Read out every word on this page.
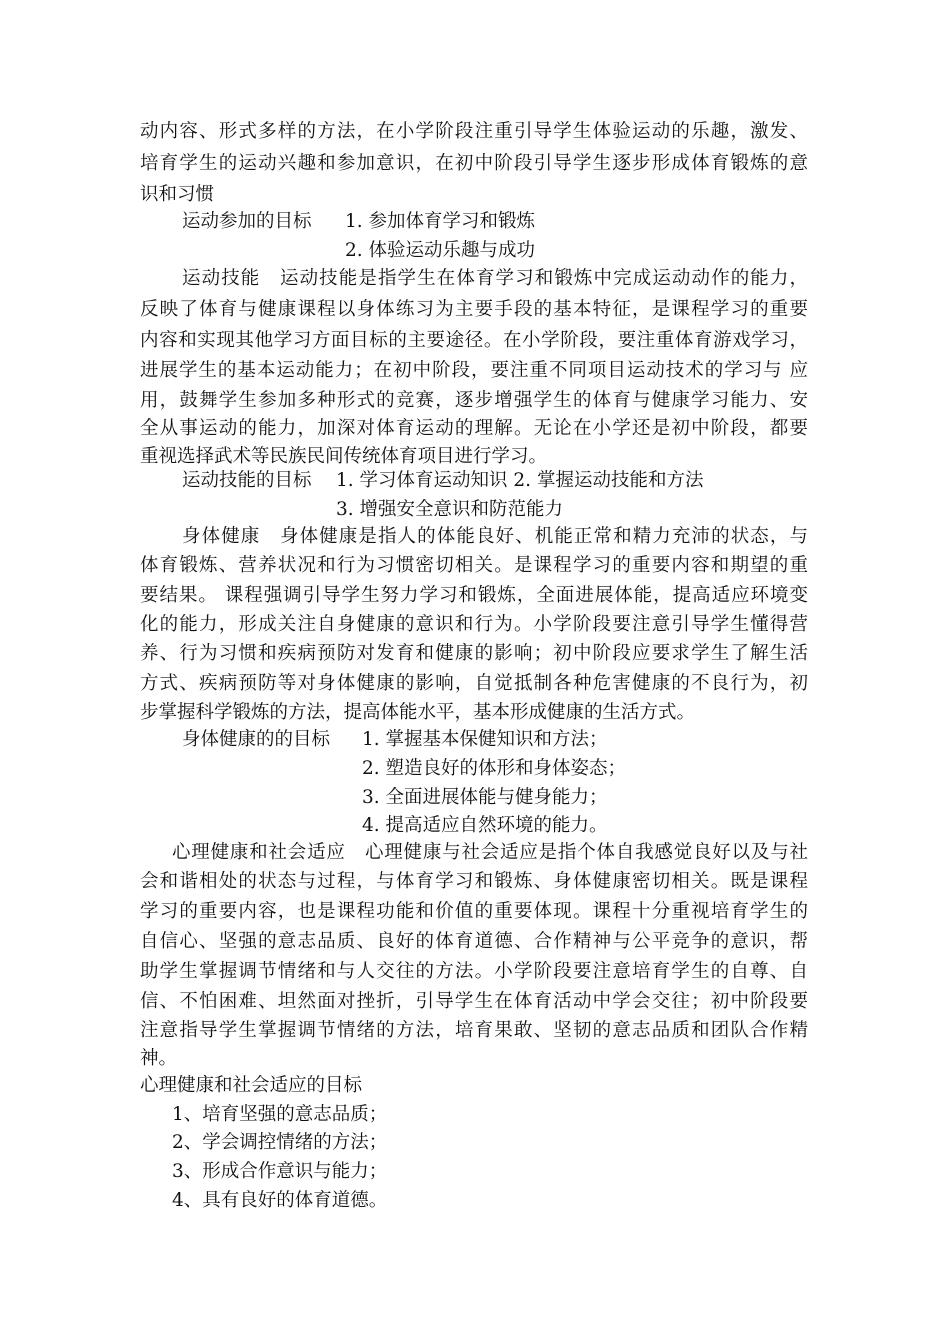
动内容、形式多样的方法，在小学阶段注重引导学生体验运动的乐趣，激发、
培育学生的运动兴趣和参加意识，在初中阶段引导学生逐步形成体育锻炼的意
识和习惯
运动参加的目标 1. 参加体育学习和锻炼
2. 体验运动乐趣与成功
运动技能　运动技能是指学生在体育学习和锻炼中完成运动动作的能力，
反映了体育与健康课程以身体练习为主要手段的基本特征，是课程学习的重要
内容和实现其他学习方面目标的主要途径。在小学阶段，要注重体育游戏学习，
进展学生的基本运动能力；在初中阶段，要注重不同项目运动技术的学习与 应
用，鼓舞学生参加多种形式的竞赛，逐步增强学生的体育与健康学习能力、安
全从事运动的能力，加深对体育运动的理解。无论在小学还是初中阶段，都要
重视选择武术等民族民间传统体育项目进行学习。
运动技能的目标 1. 学习体育运动知识 2. 掌握运动技能和方法
3. 增强安全意识和防范能力
身体健康　身体健康是指人的体能良好、机能正常和精力充沛的状态，与
体育锻炼、营养状况和行为习惯密切相关。是课程学习的重要内容和期望的重
要结果。 课程强调引导学生努力学习和锻炼，全面进展体能，提高适应环境变
化的能力，形成关注自身健康的意识和行为。小学阶段要注意引导学生懂得营
养、行为习惯和疾病预防对发育和健康的影响；初中阶段应要求学生了解生活
方式、疾病预防等对身体健康的影响，自觉抵制各种危害健康的不良行为，初
步掌握科学锻炼的方法，提高体能水平，基本形成健康的生活方式。
身体健康的的目标 1. 掌握基本保健知识和方法；
2. 塑造良好的体形和身体姿态；
3. 全面进展体能与健身能力；
4. 提高适应自然环境的能力。
心理健康和社会适应　心理健康与社会适应是指个体自我感觉良好以及与社
会和谐相处的状态与过程，与体育学习和锻炼、身体健康密切相关。既是课程
学习的重要内容，也是课程功能和价值的重要体现。课程十分重视培育学生的
自信心、坚强的意志品质、良好的体育道德、合作精神与公平竞争的意识，帮
助学生掌握调节情绪和与人交往的方法。小学阶段要注意培育学生的自尊、自
信、不怕困难、坦然面对挫折，引导学生在体育活动中学会交往；初中阶段要
注意指导学生掌握调节情绪的方法，培育果敢、坚韧的意志品质和团队合作精
神。
心理健康和社会适应的目标
1、培育坚强的意志品质；
2、学会调控情绪的方法；
3、形成合作意识与能力；
4、具有良好的体育道德。
